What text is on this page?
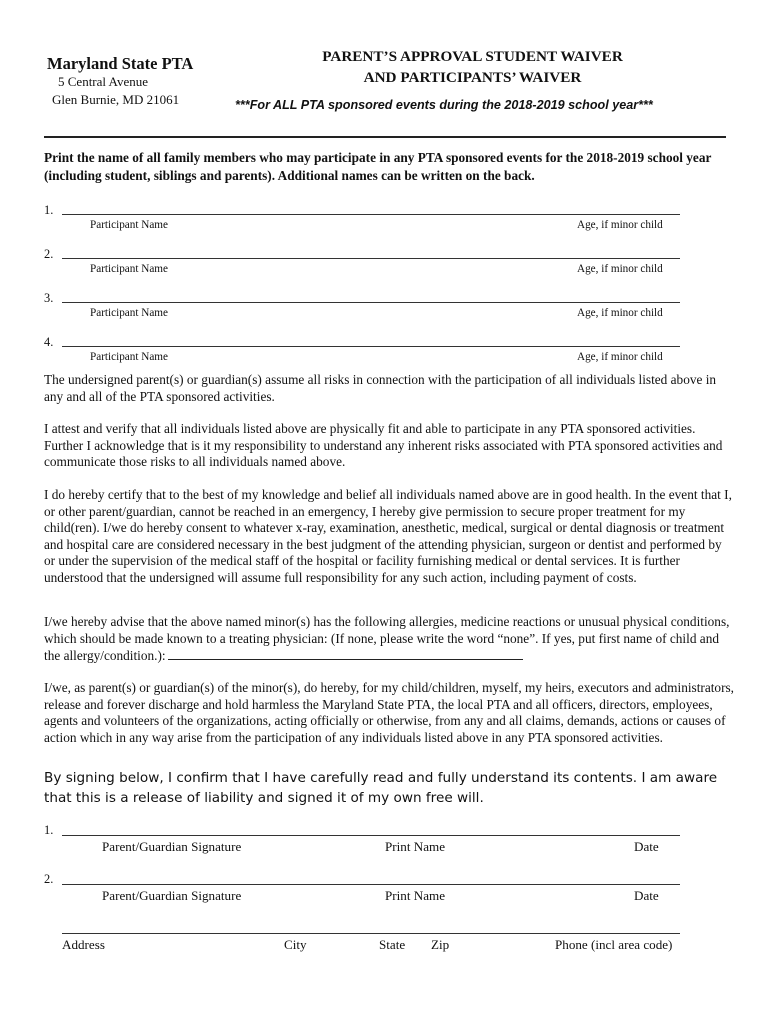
Maryland State PTA
5 Central Avenue
Glen Burnie, MD 21061
PARENT’S APPROVAL STUDENT WAIVER
AND PARTICIPANTS’ WAIVER
***For ALL PTA sponsored events during the 2018-2019 school year***
Print the name of all family members who may participate in any PTA sponsored events for the 2018-2019 school year (including student, siblings and parents). Additional names can be written on the back.
1.
Participant Name	Age, if minor child
2.
Participant Name	Age, if minor child
3.
Participant Name	Age, if minor child
4.
Participant Name	Age, if minor child
The undersigned parent(s) or guardian(s) assume all risks in connection with the participation of all individuals listed above in any and all of the PTA sponsored activities.
I attest and verify that all individuals listed above are physically fit and able to participate in any PTA sponsored activities. Further I acknowledge that is it my responsibility to understand any inherent risks associated with PTA sponsored activities and communicate those risks to all individuals named above.
I do hereby certify that to the best of my knowledge and belief all individuals named above are in good health. In the event that I, or other parent/guardian, cannot be reached in an emergency, I hereby give permission to secure proper treatment for my child(ren). I/we do hereby consent to whatever x-ray, examination, anesthetic, medical, surgical or dental diagnosis or treatment and hospital care are considered necessary in the best judgment of the attending physician, surgeon or dentist and performed by or under the supervision of the medical staff of the hospital or facility furnishing medical or dental services. It is further understood that the undersigned will assume full responsibility for any such action, including payment of costs.
I/we hereby advise that the above named minor(s) has the following allergies, medicine reactions or unusual physical conditions, which should be made known to a treating physician: (If none, please write the word “none”. If yes, put first name of child and the allergy/condition.):
I/we, as parent(s) or guardian(s) of the minor(s), do hereby, for my child/children, myself, my heirs, executors and administrators, release and forever discharge and hold harmless the Maryland State PTA, the local PTA and all officers, directors, employees, agents and volunteers of the organizations, acting officially or otherwise, from any and all claims, demands, actions or causes of action which in any way arise from the participation of any individuals listed above in any PTA sponsored activities.
By signing below, I confirm that I have carefully read and fully understand its contents. I am aware that this is a release of liability and signed it of my own free will.
1.
Parent/Guardian Signature	Print Name	Date
2.
Parent/Guardian Signature	Print Name	Date
Address	City	State Zip	Phone (incl area code)
